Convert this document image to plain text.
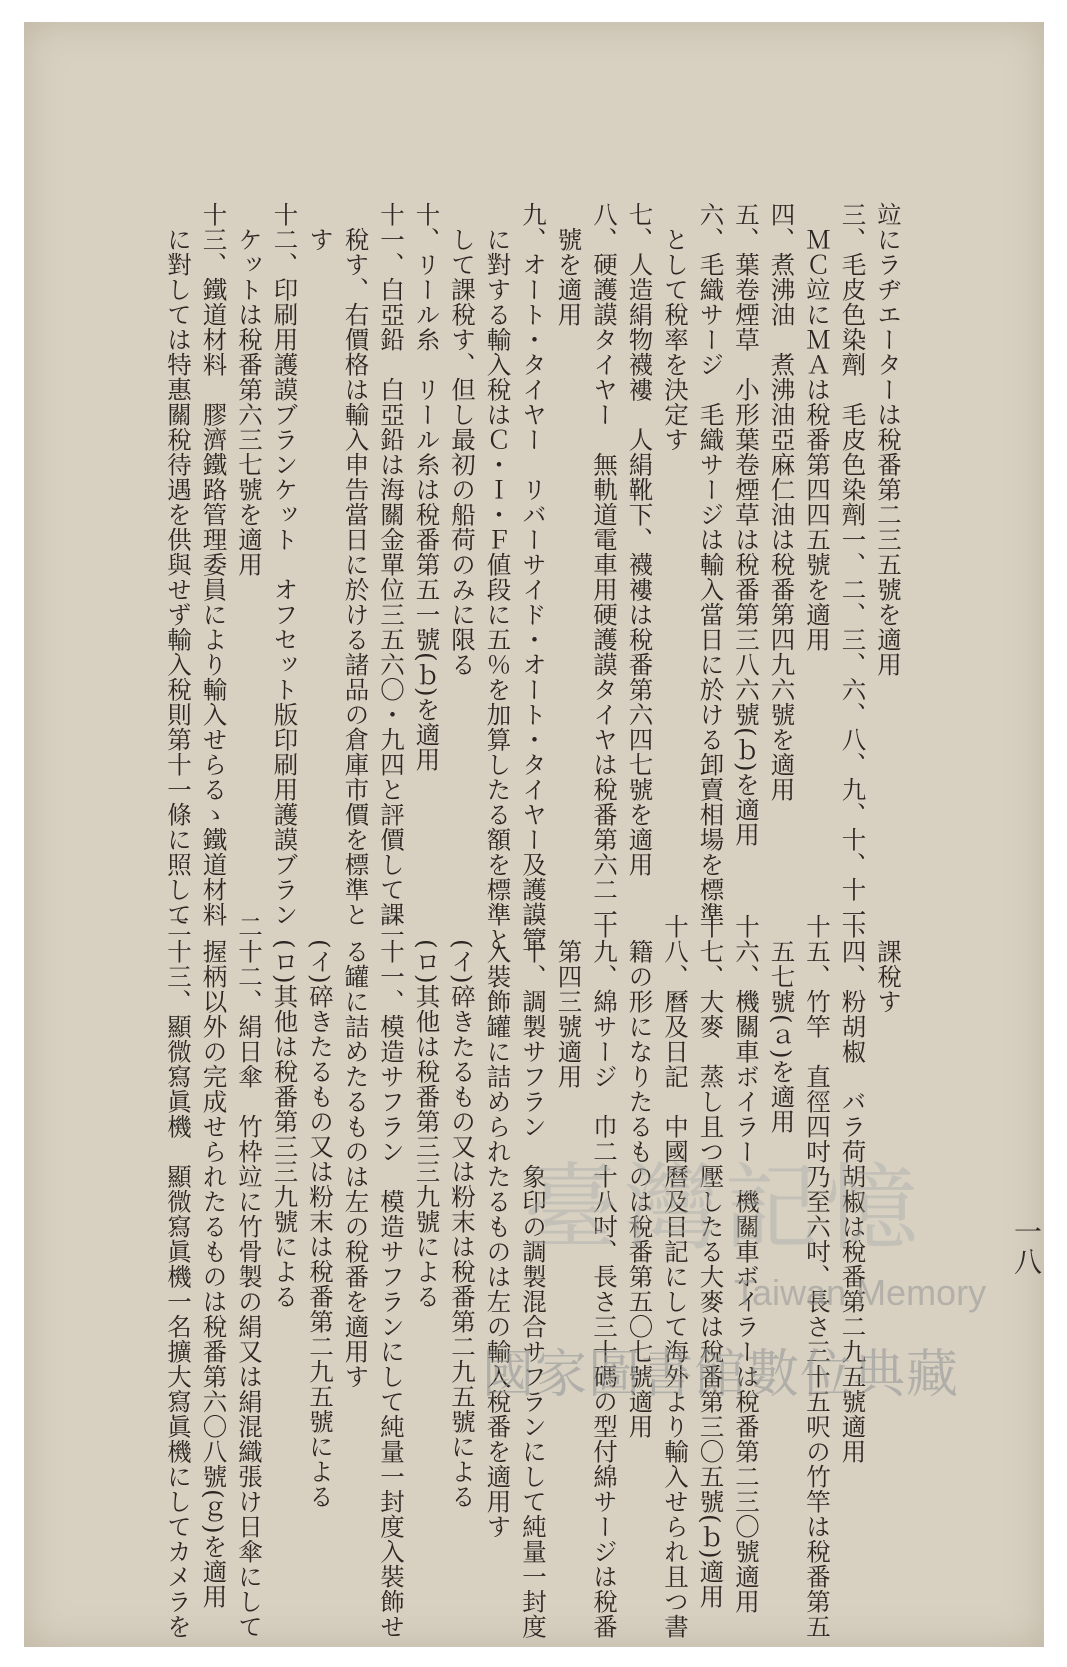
一八
竝にラヂエーターは稅番第二三五號を適用
三、毛皮色染劑　毛皮色染劑一、二、三、六、八、九、十、十一、
　ＭＣ竝にＭＡは稅番第四四五號を適用
四、煮沸油　煮沸油亞麻仁油は稅番第四九六號を適用
五、葉卷煙草　小形葉卷煙草は稅番第三八六號(ｂ)を適用
六、毛織サージ　毛織サージは輸入當日に於ける卸賣相場を標準
　として稅率を決定す
七、人造絹物襪褸　人絹靴下、襪褸は稅番第六四七號を適用
八、硬護謨タイヤー　無軌道電車用硬護謨タイヤは稅番第六二一
　號を適用
九、オート・タイヤー　リバーサイド・オート・タイヤー及護謨管
　に對する輸入稅はＣ・Ｉ・Ｆ値段に五％を加算したる額を標準と
　して課稅す、但し最初の船荷のみに限る
十、リール糸　リール糸は稅番第五一號(ｂ)を適用
十一、白亞鉛　白亞鉛は海關金單位三五六〇・九四と評價して課
　稅す、右價格は輸入申告當日に於ける諸品の倉庫市價を標準と
　す
十二、印刷用護謨ブランケット　オフセット版印刷用護謨ブラン
　ケットは稅番第六三七號を適用
十三、鐵道材料　膠濟鐵路管理委員により輸入せらるゝ鐵道材料
　に對しては特惠關稅待遇を供與せず輸入稅則第十一條に照して
　課稅す
十四、粉胡椒　バラ荷胡椒は稅番第二九五號適用
十五、竹竿　直徑四吋乃至六吋、長さ三十五呎の竹竿は稅番第五
　五七號(ａ)を適用
十六、機關車ボイラー　機關車ボイラーは稅番第二三〇號適用
十七、大麥　蒸し且つ壓したる大麥は稅番第三〇五號(ｂ)適用
十八、曆及日記　中國曆及日記にして海外より輸入せられ且つ書
　籍の形になりたるものは稅番第五〇七號適用
十九、綿サージ　巾二十八吋、長さ三十碼の型付綿サージは稅番
　第四三號適用
二十、調製サフラン　象印の調製混合サフランにして純量一封度
　入裝飾罐に詰められたるものは左の輸入稅番を適用す
　(イ)碎きたるもの又は粉末は稅番第二九五號による
　(ロ)其他は稅番第三三九號による
二十一、模造サフラン　模造サフランにして純量一封度入裝飾せ
　る罐に詰めたるものは左の稅番を適用す
　(イ)碎きたるもの又は粉末は稅番第二九五號による
　(ロ)其他は稅番第三三九號による
二十二、絹日傘　竹枠竝に竹骨製の絹又は絹混織張け日傘にして
　握柄以外の完成せられたるものは稅番第六〇八號(ｇ)を適用
二十三、顯微寫眞機　顯微寫眞機一名擴大寫眞機にしてカメラを	臺灣記憶
Taiwan Memory
國家圖書館數位典藏
